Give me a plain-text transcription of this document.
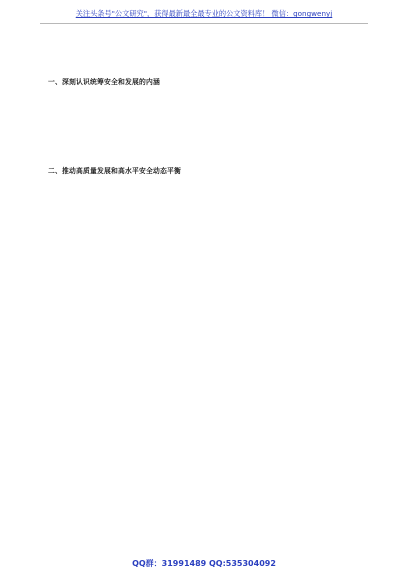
关注头条号"公文研究"，获得最新最全最专业的公文资料库！ 微信：gongwenyj

一、深刻认识统筹安全和发展的内涵

二、推动高质量发展和高水平安全动态平衡

QQ群：31991489 QQ:535304092
